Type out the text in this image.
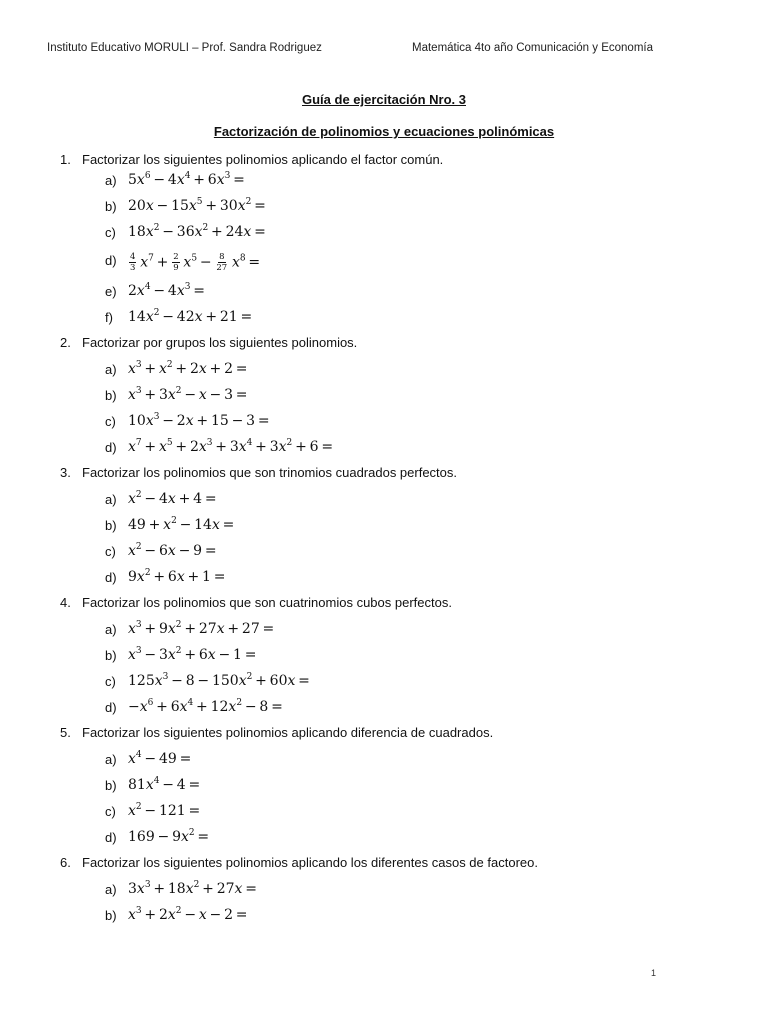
Instituto Educativo MORULI – Prof. Sandra Rodriguez	Matemática 4to año Comunicación y Economía
Guía de ejercitación Nro. 3
Factorización de polinomios y ecuaciones polinómicas
1. Factorizar los siguientes polinomios aplicando el factor común.
a) $5x^6 - 4x^4 + 6x^3$ =
b) $20x - 15x^5 + 30x^2$ =
c) $18x^2 - 36x^2 + 24x$ =
$d) \frac{4}{3}$
  $x^7 + \frac{2}{9}$
  $x^5 - \frac{8}{27}$
  $x^8$ =
e) $2x^4 - 4x^3$ =
f) $14x^2 - 42x + 21$ =
2. Factorizar por grupos los siguientes polinomios.
a) $x^3 + x^2 + 2x + 2$ =
b) $x^3 + 3x^2 - x - 3$ =
c) $10x^3 - 2x + 15 - 3$ =
d) $x^7 + x^5 + 2x^3 + 3x^4 + 3x^2 + 6$ =
3. Factorizar los polinomios que son trinomios cuadrados perfectos.
a) $x^2 - 4x + 4$ =
b) $49 + x^2 - 14x$ =
c) $x^2 - 6x - 9$ =
d) $9x^2 + 6x + 1$ =
4. Factorizar los polinomios que son cuatrinomios cubos perfectos.
a) $x^3 + 9x^2 + 27x + 27$ =
b) $x^3 - 3x^2 + 6x - 1$ =
c) $125x^3 - 8 - 150x^2 + 60x$ =
$d) -x^6 + 6x^4 + 12x^2 - 8$ =
5. Factorizar los siguientes polinomios aplicando diferencia de cuadrados.
a) $x^4 - 49$ =
b) $81x^4 - 4$ =
c) $x^2 - 121$ =
d) $169 - 9x^2$ =
6. Factorizar los siguientes polinomios aplicando los diferentes casos de factoreo.
a) $3x^3 + 18x^2 + 27x$ =
b) $x^3 + 2x^2 - x - 2$ =
1
